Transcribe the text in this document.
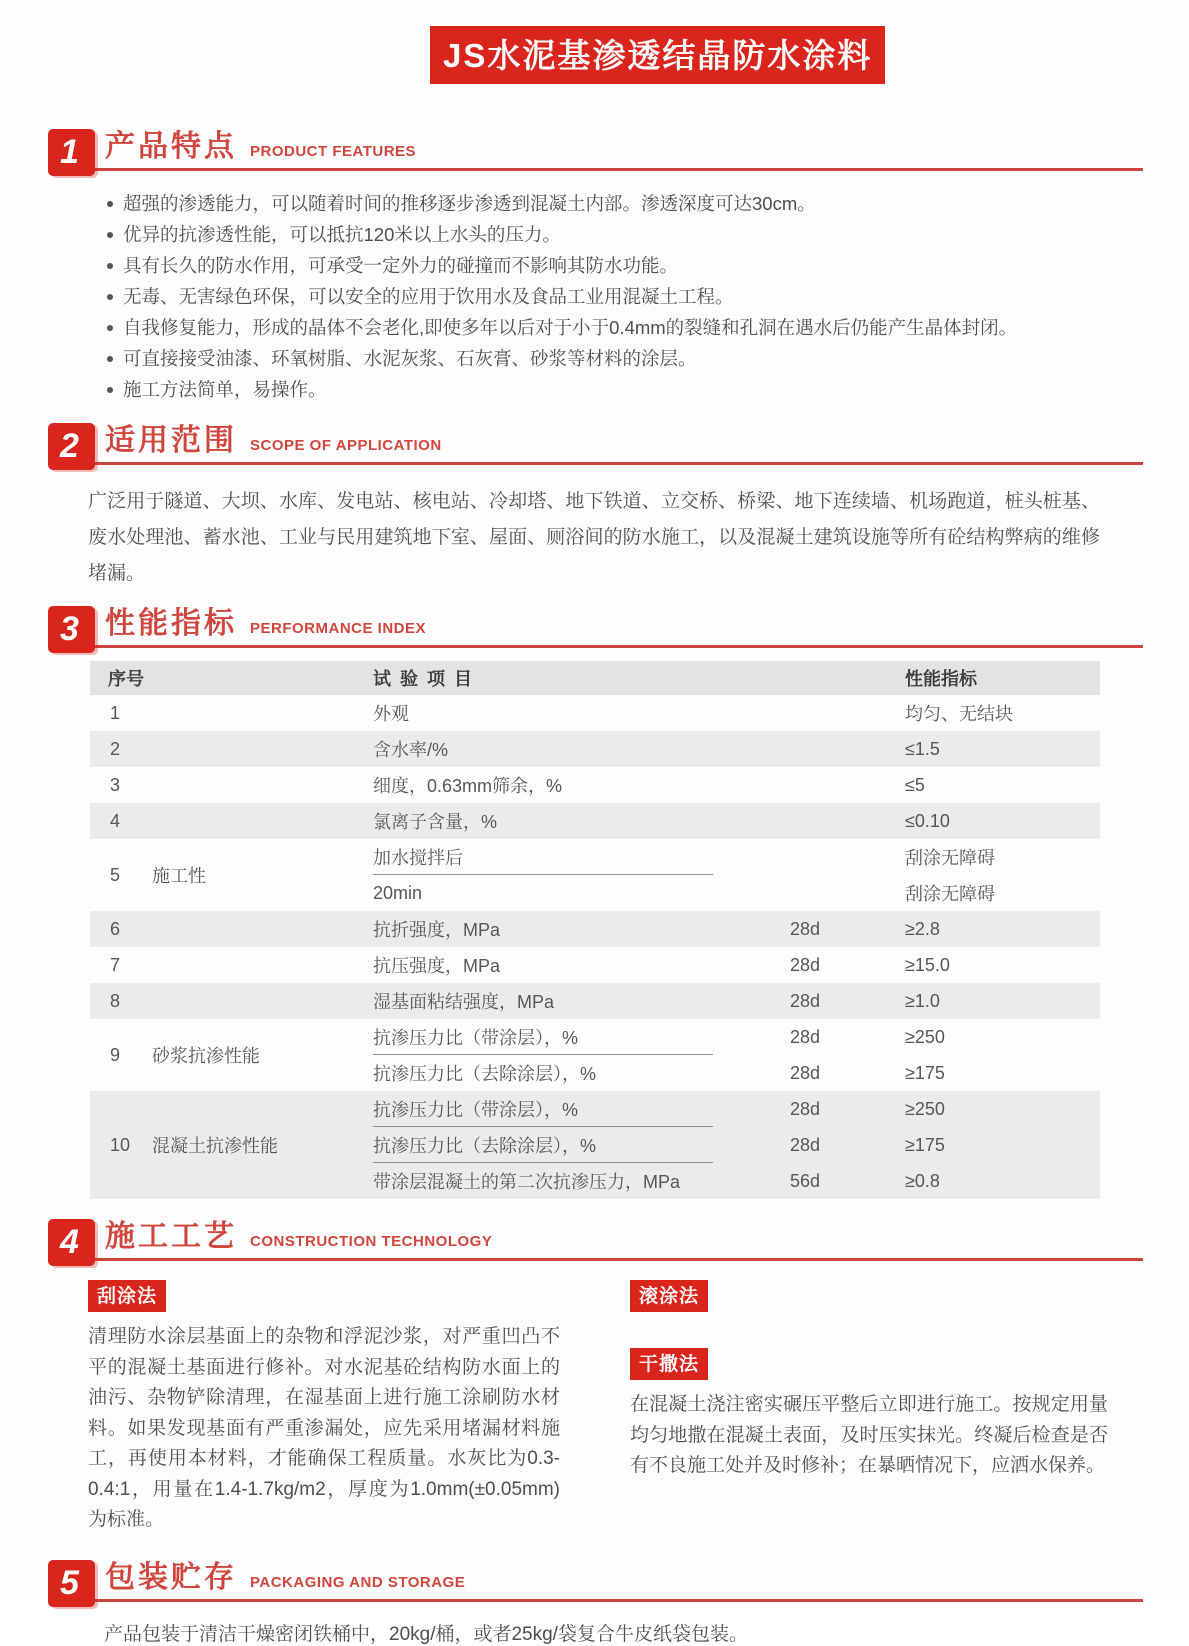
JS水泥基渗透结晶防水涂料
1 产品特点 PRODUCT FEATURES
超强的渗透能力，可以随着时间的推移逐步渗透到混凝土内部。渗透深度可达30cm。
优异的抗渗透性能，可以抵抗120米以上水头的压力。
具有长久的防水作用，可承受一定外力的碰撞而不影响其防水功能。
无毒、无害绿色环保，可以安全的应用于饮用水及食品工业用混凝土工程。
自我修复能力，形成的晶体不会老化,即使多年以后对于小于0.4mm的裂缝和孔洞在遇水后仍能产生晶体封闭。
可直接接受油漆、环氧树脂、水泥灰浆、石灰膏、砂浆等材料的涂层。
施工方法简单，易操作。
2 适用范围 SCOPE OF APPLICATION

广泛用于隧道、大坝、水库、发电站、核电站、冷却塔、地下铁道、立交桥、桥梁、地下连续墙、机场跑道，桩头桩基、废水处理池、蓄水池、工业与民用建筑地下室、屋面、厕浴间的防水施工，以及混凝土建筑设施等所有砼结构弊病的维修堵漏。

3 性能指标 PERFORMANCE INDEX
序号	试 验 项 目	性能指标
1	外观	均匀、无结块
2	含水率/%	≤1.5
3	细度，0.63mm筛余，%	≤5
4	氯离子含量，%	≤0.10
5	施工性
加水搅拌后	刮涂无障碍
20min	刮涂无障碍
6	抗折强度，MPa	28d	≥2.8
7	抗压强度，MPa	28d	≥15.0
8	湿基面粘结强度，MPa	28d	≥1.0
9	砂浆抗渗性能
抗渗压力比（带涂层），%	28d	≥250
抗渗压力比（去除涂层），%	28d	≥175
10	混凝土抗渗性能
抗渗压力比（带涂层），%	28d	≥250
抗渗压力比（去除涂层），%	28d	≥175
带涂层混凝土的第二次抗渗压力，MPa	56d	≥0.8
4 施工工艺 CONSTRUCTION TECHNOLOGY
刮涂法

清理防水涂层基面上的杂物和浮泥沙浆，对严重凹凸不平的混凝土基面进行修补。对水泥基砼结构防水面上的油污、杂物铲除清理，在湿基面上进行施工涂刷防水材料。如果发现基面有严重渗漏处，应先采用堵漏材料施工，再使用本材料，才能确保工程质量。水灰比为0.3-0.4:1，用量在1.4-1.7kg/m2，厚度为1.0mm(±0.05mm)为标准。

滚涂法
干撒法

在混凝土浇注密实碾压平整后立即进行施工。按规定用量均匀地撒在混凝土表面，及时压实抹光。终凝后检查是否有不良施工处并及时修补；在暴晒情况下，应洒水保养。

5 包装贮存 PACKAGING AND STORAGE

产品包装于清洁干燥密闭铁桶中，20kg/桶，或者25kg/袋复合牛皮纸袋包装。
